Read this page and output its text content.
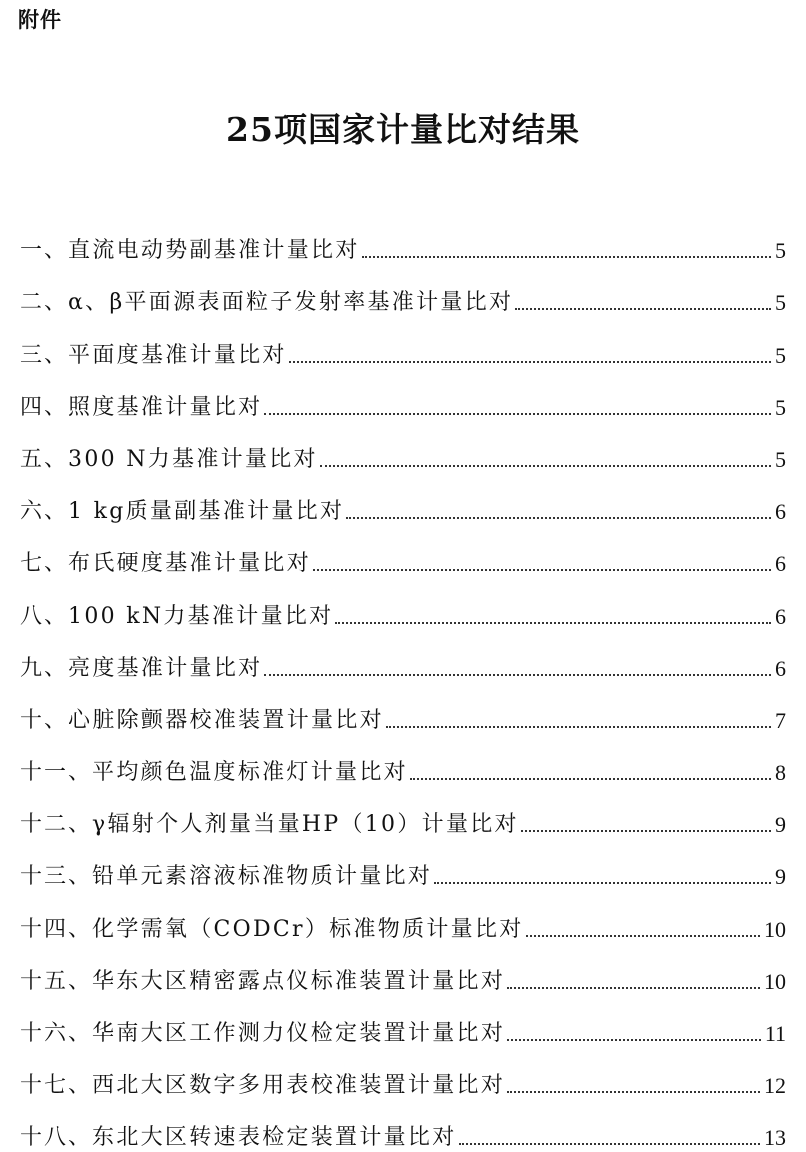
附件
25项国家计量比对结果
一、 直流电动势副基准计量比对	5
二、 α、β平面源表面粒子发射率基准计量比对	5
三、 平面度基准计量比对	5
四、 照度基准计量比对	5
五、 300 N力基准计量比对	5
六、 1 kg质量副基准计量比对	6
七、 布氏硬度基准计量比对	6
八、 100 kN力基准计量比对	6
九、 亮度基准计量比对	6
十、 心脏除颤器校准装置计量比对	7
十一、 平均颜色温度标准灯计量比对	8
十二、 γ辐射个人剂量当量HP（10）计量比对	9
十三、 铅单元素溶液标准物质计量比对	9
十四、 化学需氧（CODCr）标准物质计量比对	10
十五、 华东大区精密露点仪标准装置计量比对	10
十六、 华南大区工作测力仪检定装置计量比对	11
十七、 西北大区数字多用表校准装置计量比对	12
十八、 东北大区转速表检定装置计量比对	13
